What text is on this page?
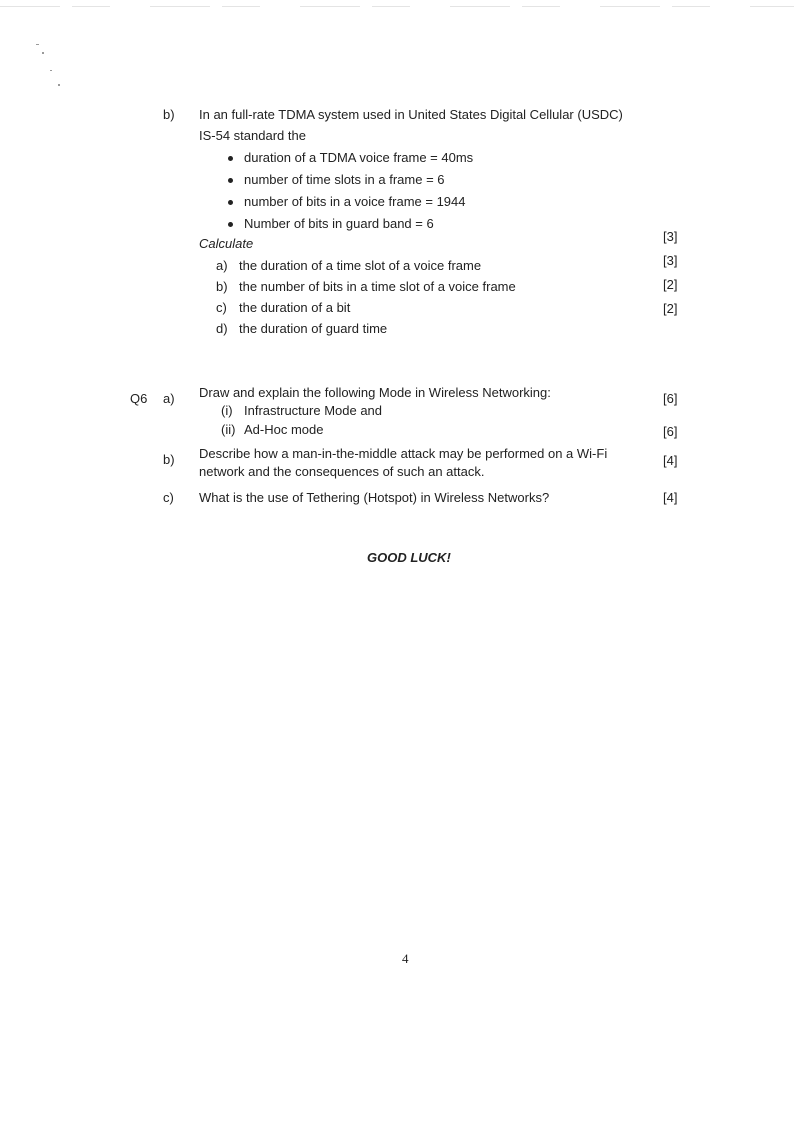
b) In an full-rate TDMA system used in United States Digital Cellular (USDC)
IS-54 standard the
duration of a TDMA voice frame = 40ms
number of time slots in a frame = 6
number of bits in a voice frame = 1944
Number of bits in guard band = 6
Calculate
a) the duration of a time slot of a voice frame
[3]
b) the number of bits in a time slot of a voice frame
[3]
c) the duration of a bit
[2]
d) the duration of guard time
[2]
Q6 a) Draw and explain the following Mode in Wireless Networking:
(i) Infrastructure Mode and
[6]
(ii) Ad-Hoc mode	[6]
b) Describe how a man-in-the-middle attack may be performed on a Wi-Fi
network and the consequences of such an attack.
[4]
c) What is the use of Tethering (Hotspot) in Wireless Networks?	[4]
GOOD LUCK!
4
